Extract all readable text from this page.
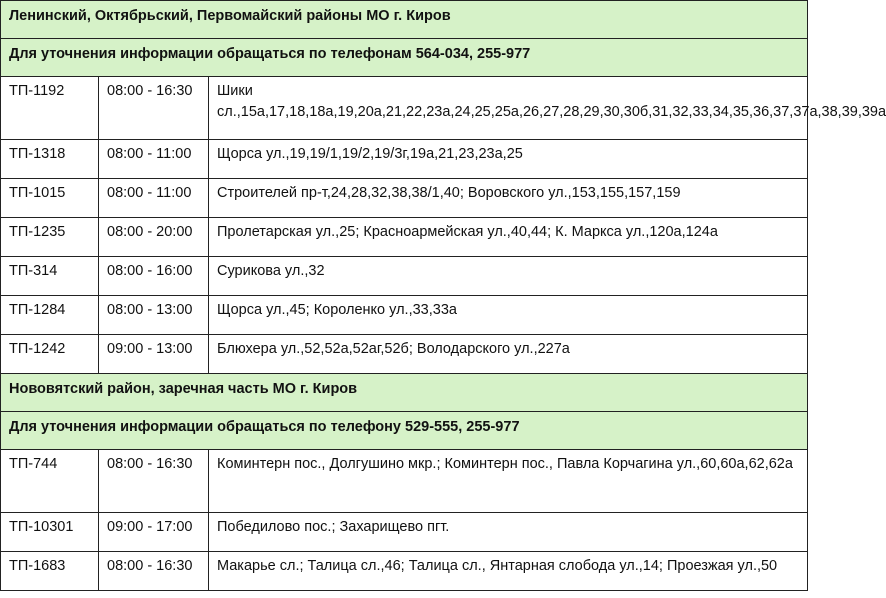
Ленинский, Октябрьский, Первомайский районы МО г. Киров		
Для уточнения информации обращаться по телефонам 564-034, 255-977		
ТП-1192	08:00 - 16:30	Шики сл.,15а,17,18,18а,19,20а,21,22,23а,24,25,25а,26,27,28,29,30,30б,31,32,33,34,35,36,37,37а,38,39,39а
ТП-1318	08:00 - 11:00	Щорса ул.,19,19/1,19/2,19/3г,19а,21,23,23а,25
ТП-1015	08:00 - 11:00	Строителей пр-т,24,28,32,38,38/1,40; Воровского ул.,153,155,157,159
ТП-1235	08:00 - 20:00	Пролетарская ул.,25; Красноармейская ул.,40,44; К. Маркса ул.,120а,124а
ТП-314	08:00 - 16:00	Сурикова ул.,32
ТП-1284	08:00 - 13:00	Щорса ул.,45; Короленко ул.,33,33а
ТП-1242	09:00 - 13:00	Блюхера ул.,52,52а,52аг,52б; Володарского ул.,227а
Нововятский район, заречная часть МО г. Киров		
Для уточнения информации обращаться по телефону 529-555, 255-977		
ТП-744	08:00 - 16:30	Коминтерн пос., Долгушино мкр.; Коминтерн пос., Павла Корчагина ул.,60,60а,62,62а
ТП-10301	09:00 - 17:00	Победилово пос.; Захарищево пгт.
ТП-1683	08:00 - 16:30	Макарье сл.; Талица сл.,46; Талица сл., Янтарная слобода ул.,14; Проезжая ул.,50
